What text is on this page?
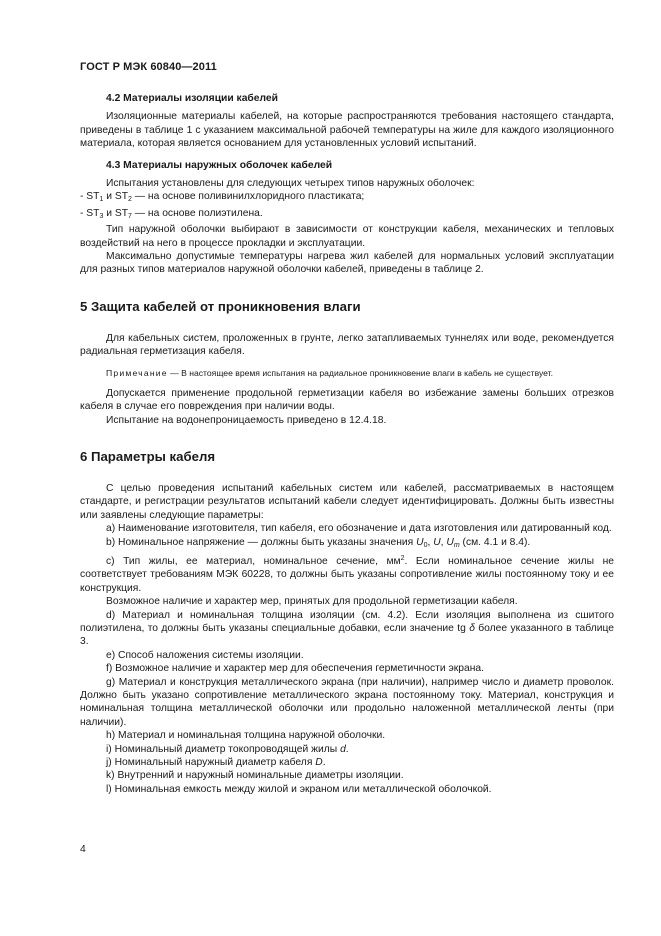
ГОСТ Р МЭК 60840—2011
4.2 Материалы изоляции кабелей

Изоляционные материалы кабелей, на которые распространяются требования настоящего стандарта, приведены в таблице 1 с указанием максимальной рабочей температуры на жиле для каждого изоляционного материала, которая является основанием для установленных условий испытаний.

4.3 Материалы наружных оболочек кабелей

Испытания установлены для следующих четырех типов наружных оболочек:

- $ST_1$ и $ST_2$ — на основе поливинилхлоридного пластиката;

- $ST_3$ и $ST_7$ — на основе полиэтилена.

Тип наружной оболочки выбирают в зависимости от конструкции кабеля, механических и тепловых воздействий на него в процессе прокладки и эксплуатации.

Максимально допустимые температуры нагрева жил кабелей для нормальных условий эксплуатации для разных типов материалов наружной оболочки кабелей, приведены в таблице 2.

5 Защита кабелей от проникновения влаги

Для кабельных систем, проложенных в грунте, легко затапливаемых туннелях или воде, рекомендуется радиальная герметизация кабеля.

Примечание — В настоящее время испытания на радиальное проникновение влаги в кабель не существует.

Допускается применение продольной герметизации кабеля во избежание замены больших отрезков кабеля в случае его повреждения при наличии воды.

Испытание на водонепроницаемость приведено в 12.4.18.

6 Параметры кабеля

С целью проведения испытаний кабельных систем или кабелей, рассматриваемых в настоящем стандарте, и регистрации результатов испытаний кабели следует идентифицировать. Должны быть известны или заявлены следующие параметры:

a) Наименование изготовителя, тип кабеля, его обозначение и дата изготовления или датированный код.

b) Номинальное напряжение — должны быть указаны значения $U_0$, U, $U_m$ (см. 4.1 и 8.4).

c) Тип жилы, ее материал, номинальное сечение, $мм^2$. Если номинальное сечение жилы не соответствует требованиям МЭК 60228, то должны быть указаны сопротивление жилы постоянному току и ее конструкция.

Возможное наличие и характер мер, принятых для продольной герметизации кабеля.

d) Материал и номинальная толщина изоляции (см. 4.2). Если изоляция выполнена из сшитого полиэтилена, то должны быть указаны специальные добавки, если значение tg δ более указанного в таблице 3.

e) Способ наложения системы изоляции.

f) Возможное наличие и характер мер для обеспечения герметичности экрана.

g) Материал и конструкция металлического экрана (при наличии), например число и диаметр проволок. Должно быть указано сопротивление металлического экрана постоянному току. Материал, конструкция и номинальная толщина металлической оболочки или продольно наложенной металлической ленты (при наличии).

h) Материал и номинальная толщина наружной оболочки.

i) Номинальный диаметр токопроводящей жилы d.

j) Номинальный наружный диаметр кабеля D.

k) Внутренний и наружный номинальные диаметры изоляции.

l) Номинальная емкость между жилой и экраном или металлической оболочкой.

4
